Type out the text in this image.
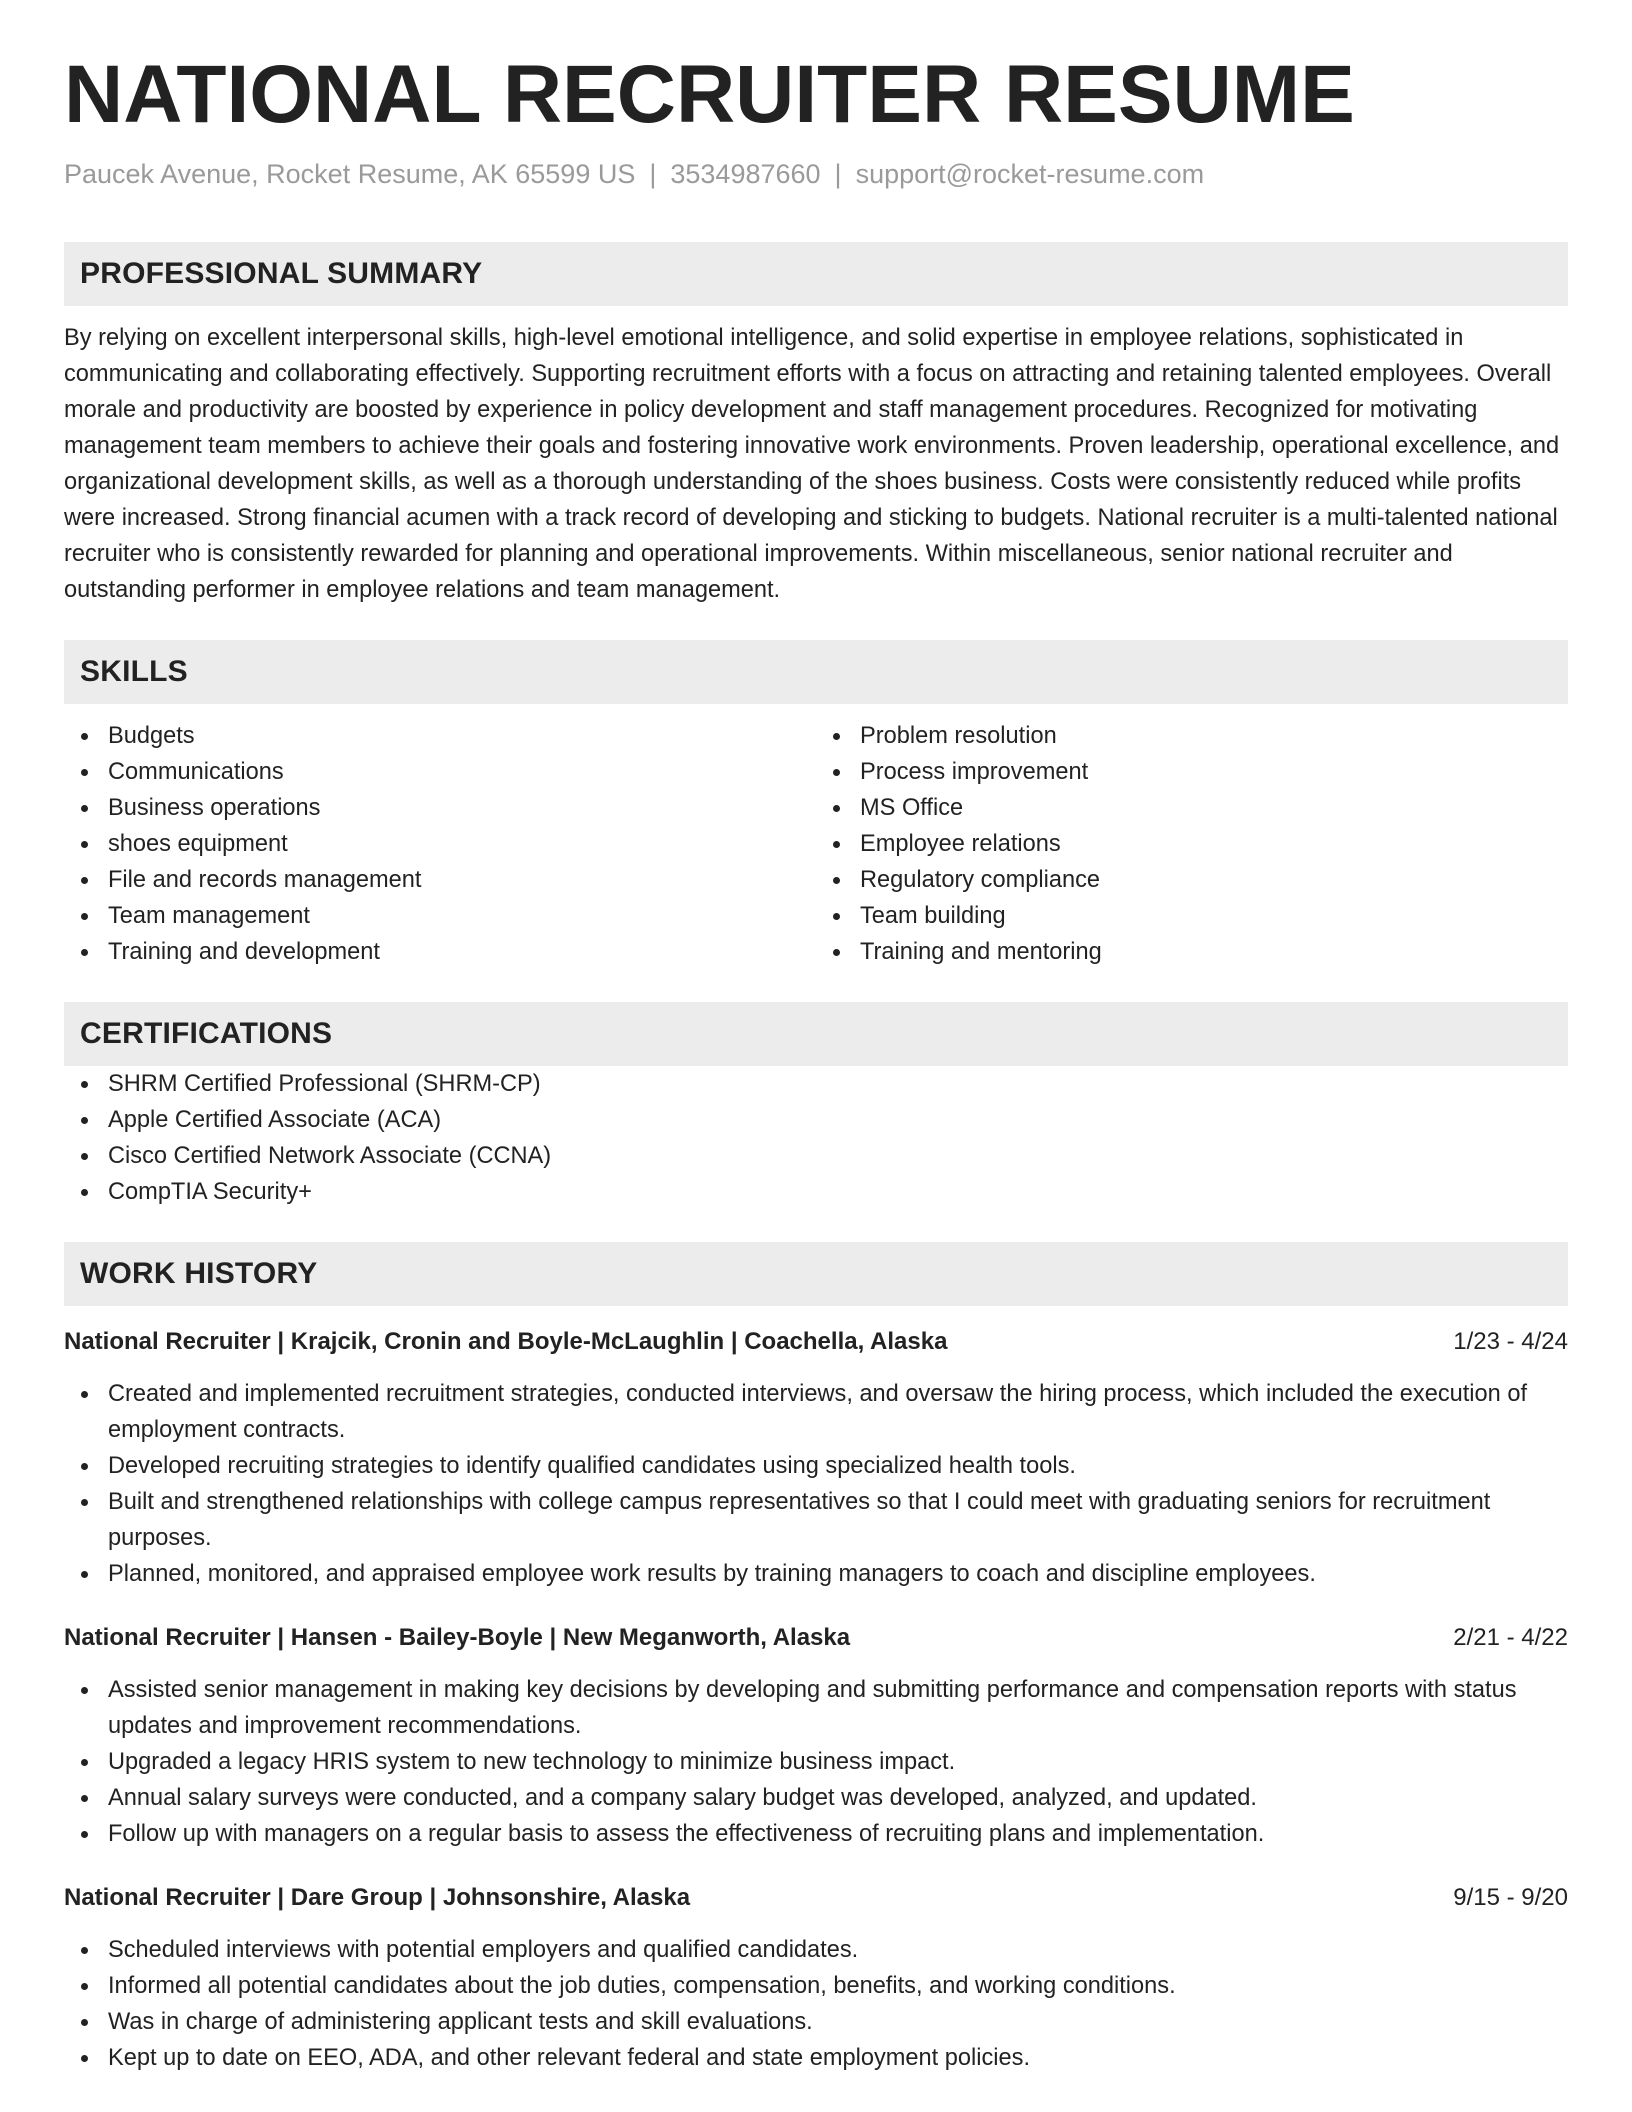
NATIONAL RECRUITER RESUME
Paucek Avenue, Rocket Resume, AK 65599 US | 3534987660 | support@rocket-resume.com
PROFESSIONAL SUMMARY

By relying on excellent interpersonal skills, high-level emotional intelligence, and solid expertise in employee relations, sophisticated in communicating and collaborating effectively. Supporting recruitment efforts with a focus on attracting and retaining talented employees. Overall morale and productivity are boosted by experience in policy development and staff management procedures. Recognized for motivating management team members to achieve their goals and fostering innovative work environments. Proven leadership, operational excellence, and organizational development skills, as well as a thorough understanding of the shoes business. Costs were consistently reduced while profits were increased. Strong financial acumen with a track record of developing and sticking to budgets. National recruiter is a multi-talented national recruiter who is consistently rewarded for planning and operational improvements. Within miscellaneous, senior national recruiter and outstanding performer in employee relations and team management.

SKILLS
Budgets
Communications
Business operations
shoes equipment
File and records management
Team management
Training and development
Problem resolution
Process improvement
MS Office
Employee relations
Regulatory compliance
Team building
Training and mentoring
CERTIFICATIONS
SHRM Certified Professional (SHRM-CP)
Apple Certified Associate (ACA)
Cisco Certified Network Associate (CCNA)
CompTIA Security+
WORK HISTORY
National Recruiter | Krajcik, Cronin and Boyle-McLaughlin | Coachella, Alaska	1/23 - 4/24
Created and implemented recruitment strategies, conducted interviews, and oversaw the hiring process, which included the execution of employment contracts.
Developed recruiting strategies to identify qualified candidates using specialized health tools.
Built and strengthened relationships with college campus representatives so that I could meet with graduating seniors for recruitment purposes.
Planned, monitored, and appraised employee work results by training managers to coach and discipline employees.
National Recruiter | Hansen - Bailey-Boyle | New Meganworth, Alaska	2/21 - 4/22
Assisted senior management in making key decisions by developing and submitting performance and compensation reports with status updates and improvement recommendations.
Upgraded a legacy HRIS system to new technology to minimize business impact.
Annual salary surveys were conducted, and a company salary budget was developed, analyzed, and updated.
Follow up with managers on a regular basis to assess the effectiveness of recruiting plans and implementation.
National Recruiter | Dare Group | Johnsonshire, Alaska	9/15 - 9/20
Scheduled interviews with potential employers and qualified candidates.
Informed all potential candidates about the job duties, compensation, benefits, and working conditions.
Was in charge of administering applicant tests and skill evaluations.
Kept up to date on EEO, ADA, and other relevant federal and state employment policies.
